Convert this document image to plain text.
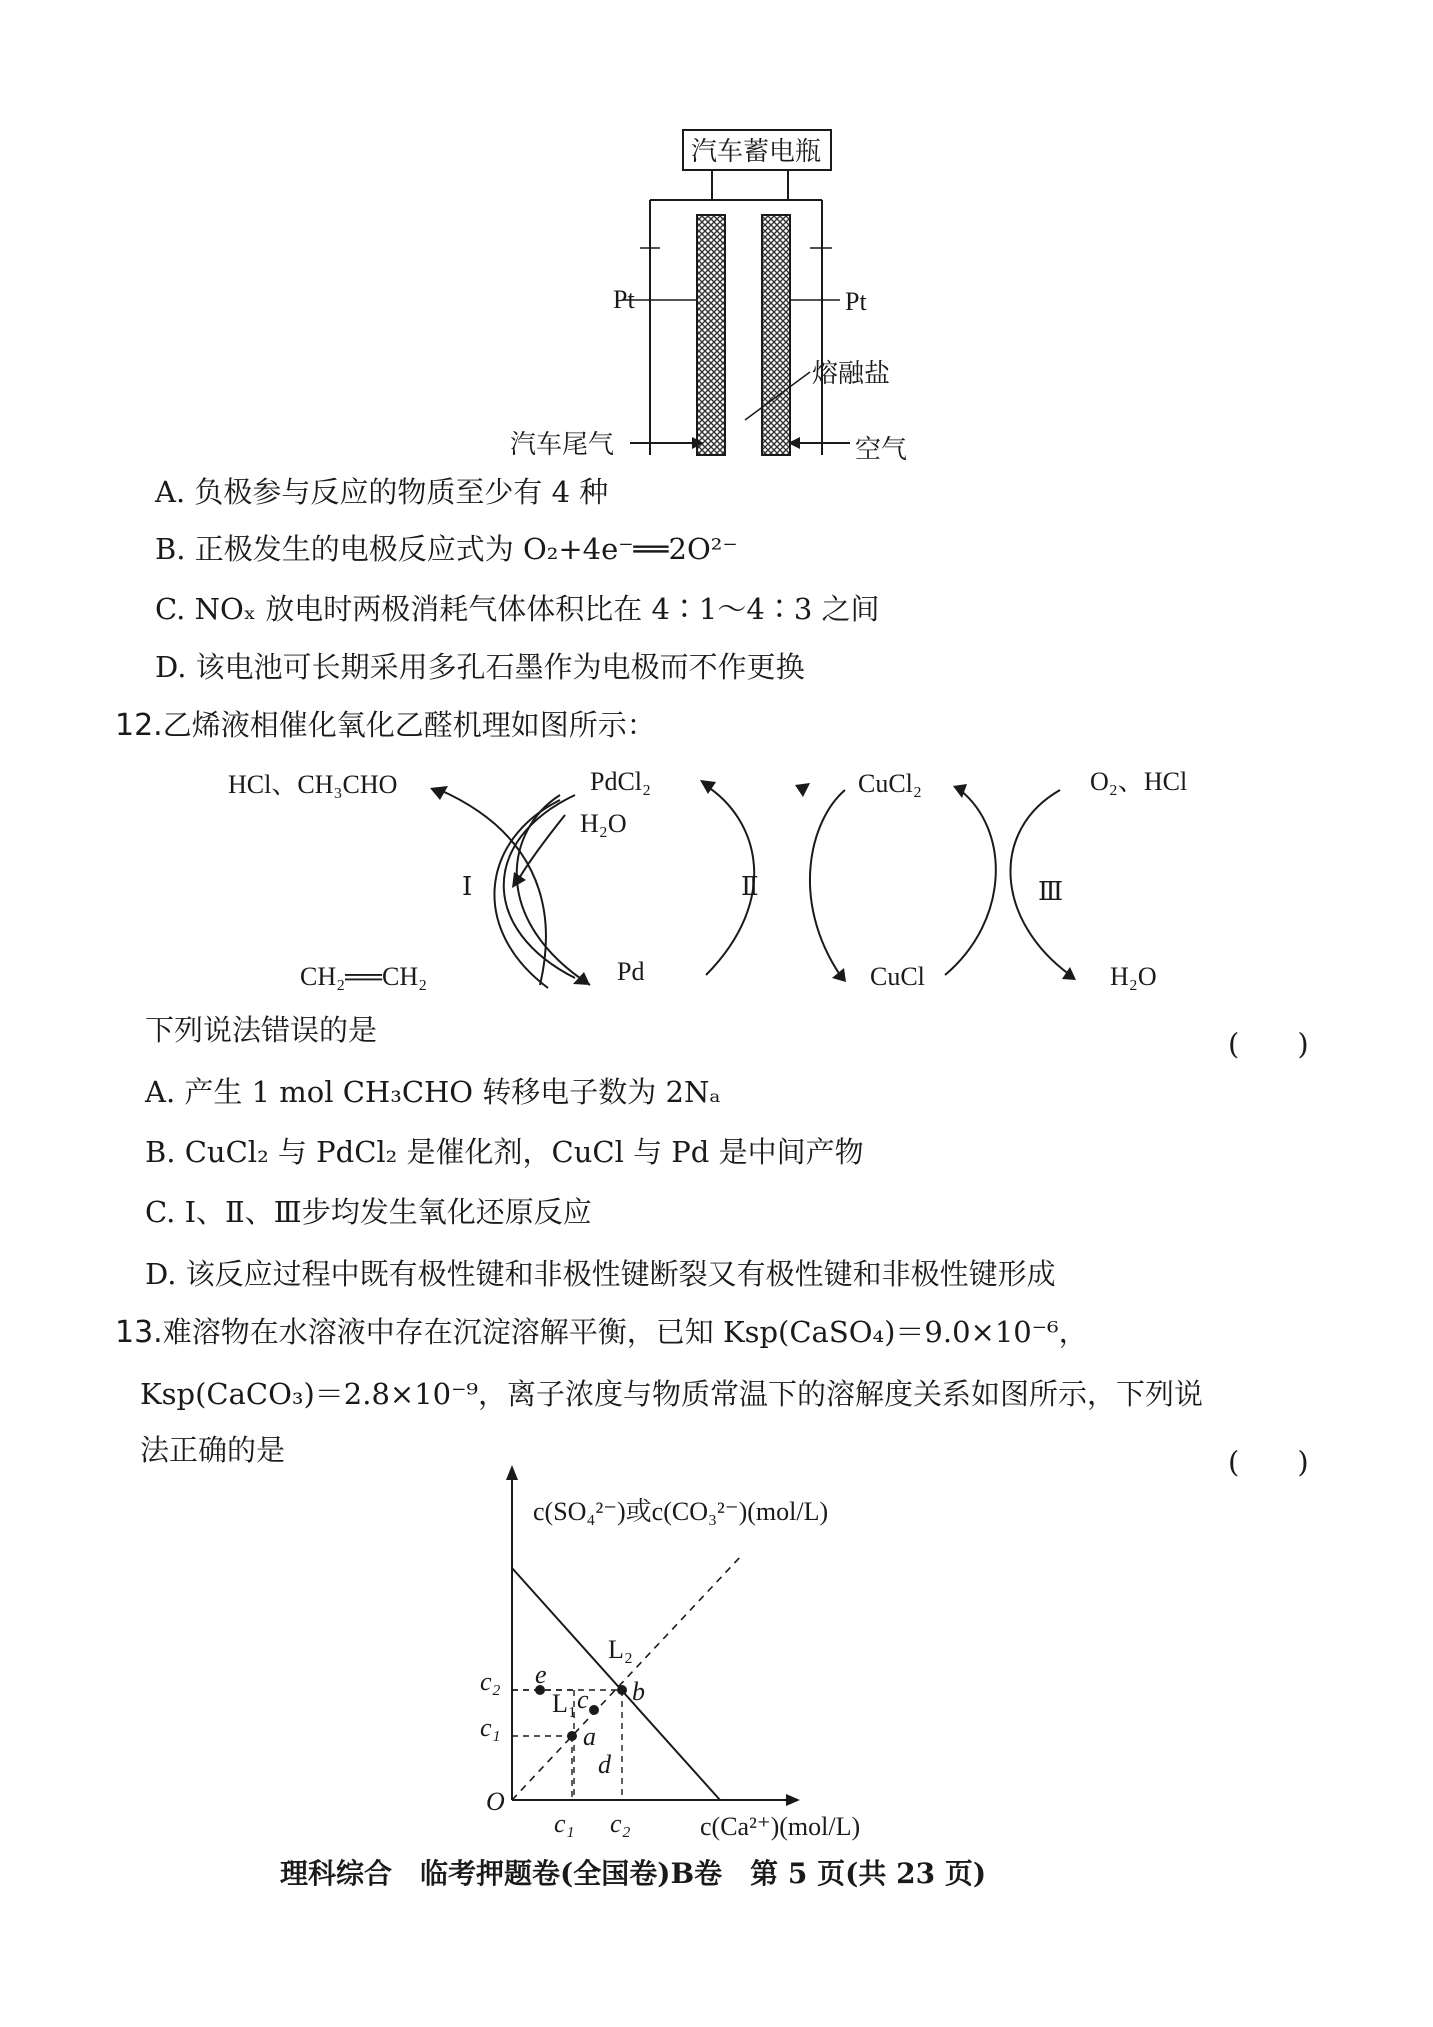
汽车蓄电瓶
Pt	Pt
熔融盐
汽车尾气	空气
HCl、CH₃CHO	PdCl₂
H₂O
Ⅰ
CH₂══CH₂	Pd
CuCl₂
Ⅱ
CuCl
O₂、HCl
Ⅲ
H₂O
c(SO₄²⁻)或c(CO₃²⁻)(mol/L)
c(Ca²⁺)(mol/L)
O
L₂
L₁
c₂
c₁
c₁ c₂
e
b
c
a
d
A. 负极参与反应的物质至少有 4 种
B. 正极发生的电极反应式为 O₂+4e⁻══2O²⁻
C. NOₓ 放电时两极消耗气体体积比在 4∶1～4∶3 之间
D. 该电池可长期采用多孔石墨作为电极而不作更换
12.乙烯液相催化氧化乙醛机理如图所示：
下列说法错误的是	(　　)
A. 产生 1 mol CH₃CHO 转移电子数为 2Nₐ
B. CuCl₂ 与 PdCl₂ 是催化剂，CuCl 与 Pd 是中间产物
C. Ⅰ、Ⅱ、Ⅲ步均发生氧化还原反应
D. 该反应过程中既有极性键和非极性键断裂又有极性键和非极性键形成
13.难溶物在水溶液中存在沉淀溶解平衡，已知 Ksp(CaSO₄)＝9.0×10⁻⁶，
Ksp(CaCO₃)＝2.8×10⁻⁹，离子浓度与物质常温下的溶解度关系如图所示，下列说
法正确的是	(　　)
理科综合　临考押题卷(全国卷)B卷　第 5 页(共 23 页)
